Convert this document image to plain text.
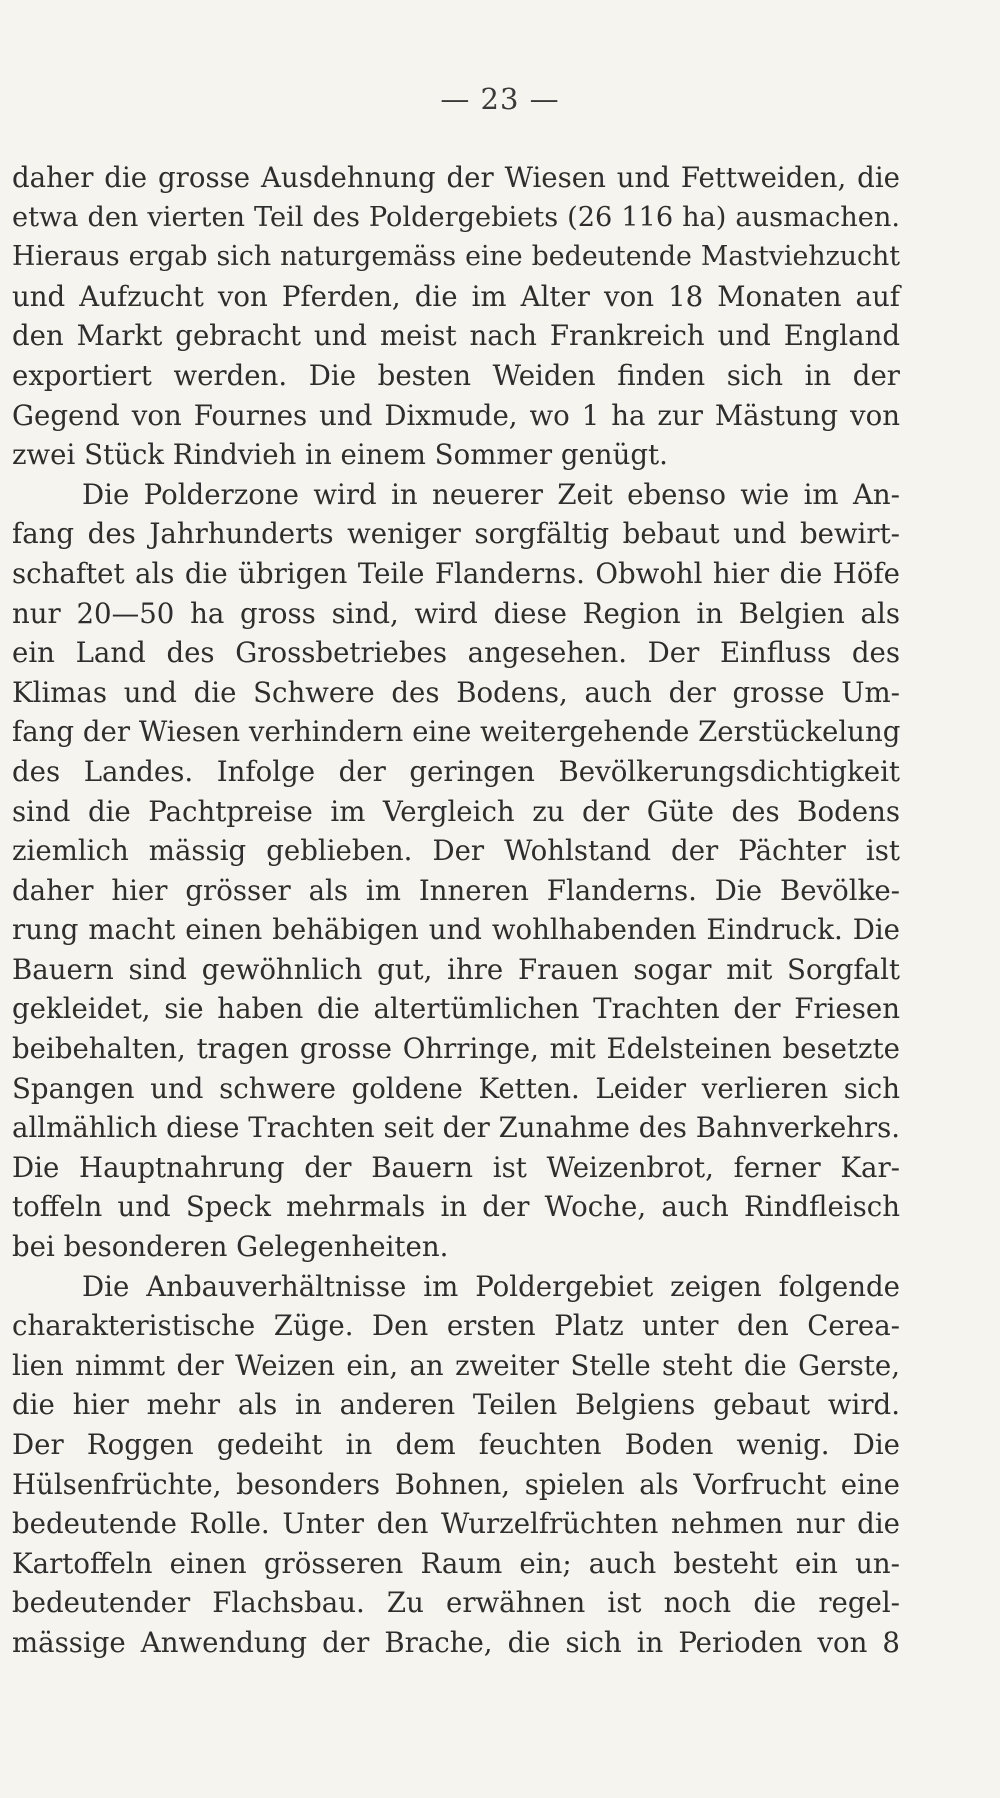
— 23 —
daher die grosse Ausdehnung der Wiesen und Fettweiden, die
etwa den vierten Teil des Poldergebiets (26 116 ha) ausmachen.
Hieraus ergab sich naturgemäss eine bedeutende Mastviehzucht
und Aufzucht von Pferden, die im Alter von 18 Monaten auf
den Markt gebracht und meist nach Frankreich und England
exportiert werden. Die besten Weiden finden sich in der
Gegend von Fournes und Dixmude, wo 1 ha zur Mästung von
zwei Stück Rindvieh in einem Sommer genügt.
Die Polderzone wird in neuerer Zeit ebenso wie im An-
fang des Jahrhunderts weniger sorgfältig bebaut und bewirt-
schaftet als die übrigen Teile Flanderns. Obwohl hier die Höfe
nur 20—50 ha gross sind, wird diese Region in Belgien als
ein Land des Grossbetriebes angesehen. Der Einfluss des
Klimas und die Schwere des Bodens, auch der grosse Um-
fang der Wiesen verhindern eine weitergehende Zerstückelung
des Landes. Infolge der geringen Bevölkerungsdichtigkeit
sind die Pachtpreise im Vergleich zu der Güte des Bodens
ziemlich mässig geblieben. Der Wohlstand der Pächter ist
daher hier grösser als im Inneren Flanderns. Die Bevölke-
rung macht einen behäbigen und wohlhabenden Eindruck. Die
Bauern sind gewöhnlich gut, ihre Frauen sogar mit Sorgfalt
gekleidet, sie haben die altertümlichen Trachten der Friesen
beibehalten, tragen grosse Ohrringe, mit Edelsteinen besetzte
Spangen und schwere goldene Ketten. Leider verlieren sich
allmählich diese Trachten seit der Zunahme des Bahnverkehrs.
Die Hauptnahrung der Bauern ist Weizenbrot, ferner Kar-
toffeln und Speck mehrmals in der Woche, auch Rindfleisch
bei besonderen Gelegenheiten.
Die Anbauverhältnisse im Poldergebiet zeigen folgende
charakteristische Züge. Den ersten Platz unter den Cerea-
lien nimmt der Weizen ein, an zweiter Stelle steht die Gerste,
die hier mehr als in anderen Teilen Belgiens gebaut wird.
Der Roggen gedeiht in dem feuchten Boden wenig. Die
Hülsenfrüchte, besonders Bohnen, spielen als Vorfrucht eine
bedeutende Rolle. Unter den Wurzelfrüchten nehmen nur die
Kartoffeln einen grösseren Raum ein; auch besteht ein un-
bedeutender Flachsbau. Zu erwähnen ist noch die regel-
mässige Anwendung der Brache, die sich in Perioden von 8
